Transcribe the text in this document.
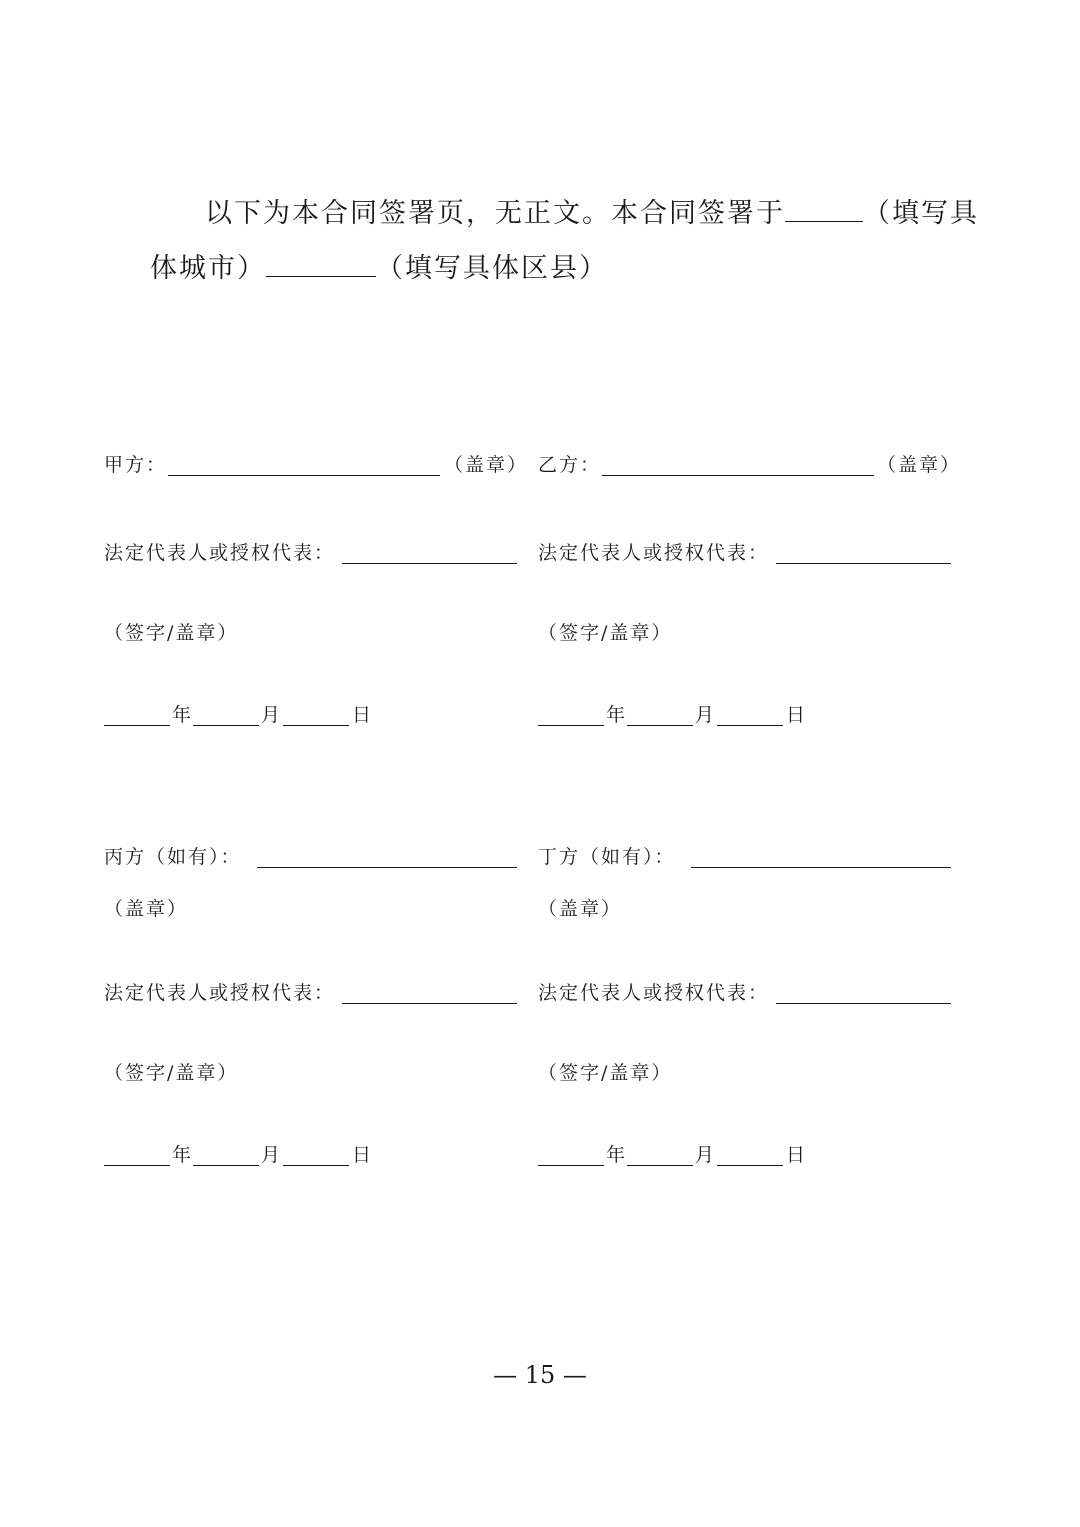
以下为本合同签署页，无正文。本合同签署于	（填写具
体城市）	（填写具体区县）
甲方：	（盖章）
法定代表人或授权代表：
（签字/盖章）
年	月	日
乙方：	（盖章）
法定代表人或授权代表：
（签字/盖章）
年	月	日
丙方（如有）：
（盖章）
法定代表人或授权代表：
（签字/盖章）
年	月	日
丁方（如有）：
（盖章）
法定代表人或授权代表：
（签字/盖章）
年	月	日
— 15 —
